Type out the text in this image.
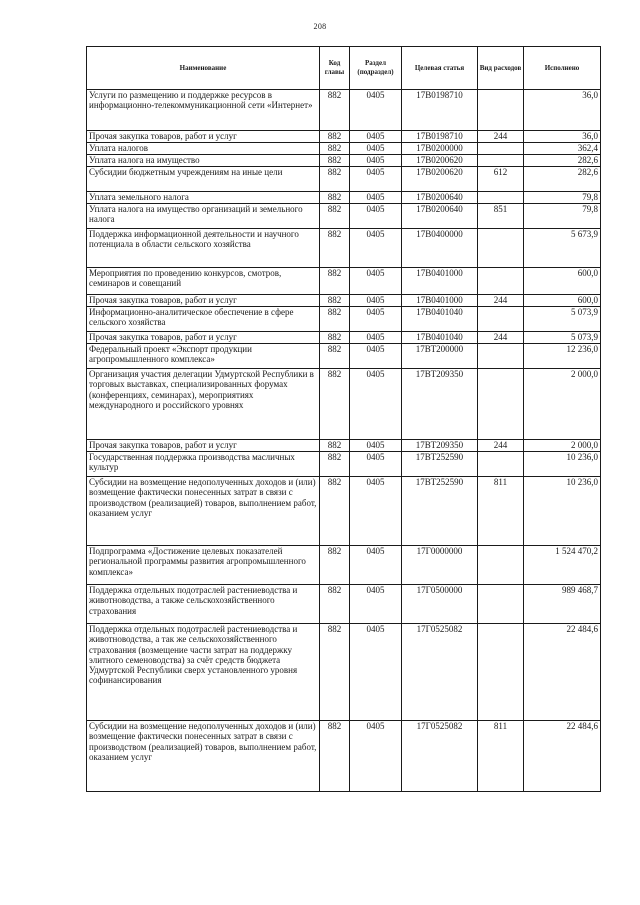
208
Наименование	Код главы	Раздел (подраздел)	Целевая статья	Вид расходов	Исполнено
Услуги по размещению и поддержке ресурсов в информационно-телекоммуникационной сети «Интернет»	882	0405	17В0198710		36,0
Прочая закупка товаров, работ и услуг	882	0405	17В0198710	244	36,0
Уплата налогов	882	0405	17В0200000		362,4
Уплата налога на имущество	882	0405	17В0200620		282,6
Субсидии бюджетным учреждениям на иные цели	882	0405	17В0200620	612	282,6
Уплата земельного налога	882	0405	17В0200640		79,8
Уплата налога на имущество организаций и земельного налога	882	0405	17В0200640	851	79,8
Поддержка информационной деятельности и научного потенциала в области сельского хозяйства	882	0405	17В0400000		5 673,9
Мероприятия по проведению конкурсов, смотров, семинаров и совещаний	882	0405	17В0401000		600,0
Прочая закупка товаров, работ и услуг	882	0405	17В0401000	244	600,0
Информационно-аналитическое обеспечение в сфере сельского хозяйства	882	0405	17В0401040		5 073,9
Прочая закупка товаров, работ и услуг	882	0405	17В0401040	244	5 073,9
Федеральный проект «Экспорт продукции агропромышленного комплекса»	882	0405	17ВТ200000		12 236,0
Организация участия делегации Удмуртской Республики в торговых выставках, специализированных форумах (конференциях, семинарах), мероприятиях международного и российского уровнях	882	0405	17ВТ209350		2 000,0
Прочая закупка товаров, работ и услуг	882	0405	17ВТ209350	244	2 000,0
Государственная поддержка производства масличных культур	882	0405	17ВТ252590		10 236,0
Субсидии на возмещение недополученных доходов и (или) возмещение фактически понесенных затрат в связи с производством (реализацией) товаров, выполнением работ, оказанием услуг	882	0405	17ВТ252590	811	10 236,0
Подпрограмма «Достижение целевых показателей региональной программы развития агропромышленного комплекса»	882	0405	17Г0000000		1 524 470,2
Поддержка отдельных подотраслей растениеводства и животноводства, а также сельскохозяйственного страхования	882	0405	17Г0500000		989 468,7
Поддержка отдельных подотраслей растениеводства и животноводства, а так же сельскохозяйственного страхования (возмещение части затрат на поддержку элитного семеноводства) за счёт средств бюджета Удмуртской Республики сверх установленного уровня софинансирования	882	0405	17Г0525082		22 484,6
Субсидии на возмещение недополученных доходов и (или) возмещение фактически понесенных затрат в связи с производством (реализацией) товаров, выполнением работ, оказанием услуг	882	0405	17Г0525082	811	22 484,6
